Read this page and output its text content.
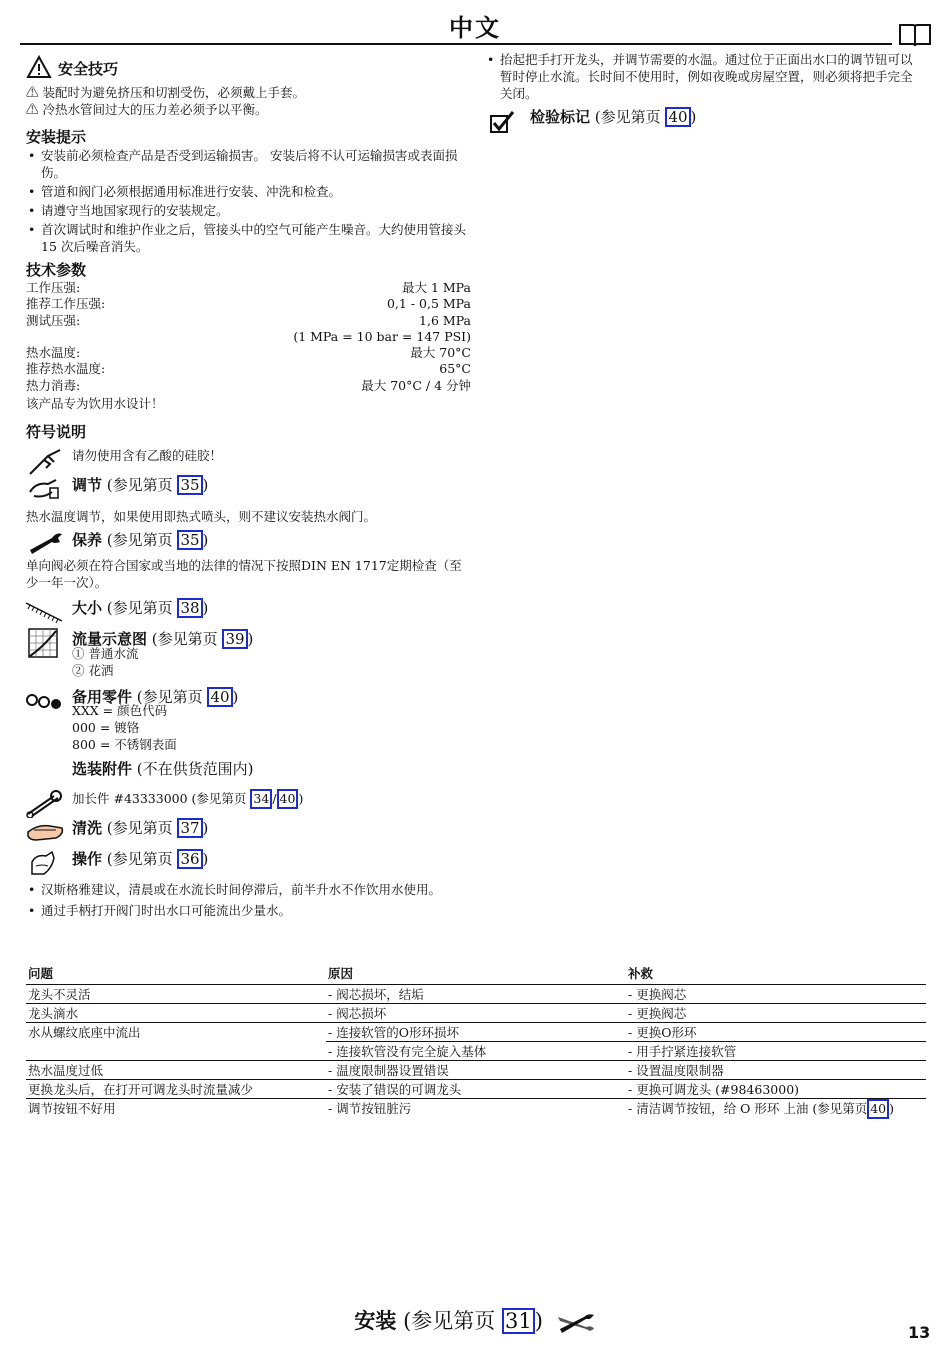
中文
安全技巧
⚠ 装配时为避免挤压和切割受伤，必须戴上手套。
⚠ 冷热水管间过大的压力差必须予以平衡。
安装提示
• 安装前必须检查产品是否受到运输损害。 安装后将不认可运输损害或表面损伤。
• 管道和阀门必须根据通用标准进行安装、冲洗和检查。
• 请遵守当地国家现行的安装规定。
• 首次调试时和维护作业之后，管接头中的空气可能产生噪音。大约使用管接头 15 次后噪音消失。
技术参数
工作压强:	最大 1 MPa
推荐工作压强:	0,1 - 0,5 MPa
测试压强:	1,6 MPa
(1 MPa = 10 bar = 147 PSI)
热水温度:	最大 70°C
推荐热水温度:	65°C
热力消毒:	最大 70°C / 4 分钟
该产品专为饮用水设计！
符号说明
请勿使用含有乙酸的硅胶！
调节 (参见第页 35 )
热水温度调节，如果使用即热式喷头，则不建议安装热水阀门。
保养 (参见第页 35 )
单向阀必须在符合国家或当地的法律的情况下按照DIN EN 1717定期检查（至少一年一次）。
大小 (参见第页 38 )
流量示意图 (参见第页 39 )
① 普通水流
② 花洒
备用零件 (参见第页 40 )
XXX = 颜色代码
000 = 镀铬
800 = 不锈钢表面
选装附件 (不在供货范围内)
加长件 #43333000 (参见第页 34 / 40 )
清洗 (参见第页 37 )
操作 (参见第页 36 )
• 汉斯格雅建议，清晨或在水流长时间停滞后，前半升水不作饮用水使用。
• 通过手柄打开阀门时出水口可能流出少量水。
• 抬起把手打开龙头，并调节需要的水温。通过位于正面出水口的调节钮可以暂时停止水流。长时间不使用时，例如夜晚或房屋空置，则必须将把手完全关闭。
检验标记 (参见第页 40 )
问题	原因	补救
龙头不灵活	- 阀芯损坏，结垢	- 更换阀芯
龙头滴水	- 阀芯损坏	- 更换阀芯
水从螺纹底座中流出	- 连接软管的O形环损坏	- 更换O形环
	- 连接软管没有完全旋入基体	- 用手拧紧连接软管
热水温度过低	- 温度限制器设置错误	- 设置温度限制器
更换龙头后，在打开可调龙头时流量减少	- 安装了错误的可调龙头	- 更换可调龙头 (#98463000)
调节按钮不好用	- 调节按钮脏污	- 清洁调节按钮，给 O 形环 上油 (参见第页 40 )
安装 (参见第页 31 )	13
